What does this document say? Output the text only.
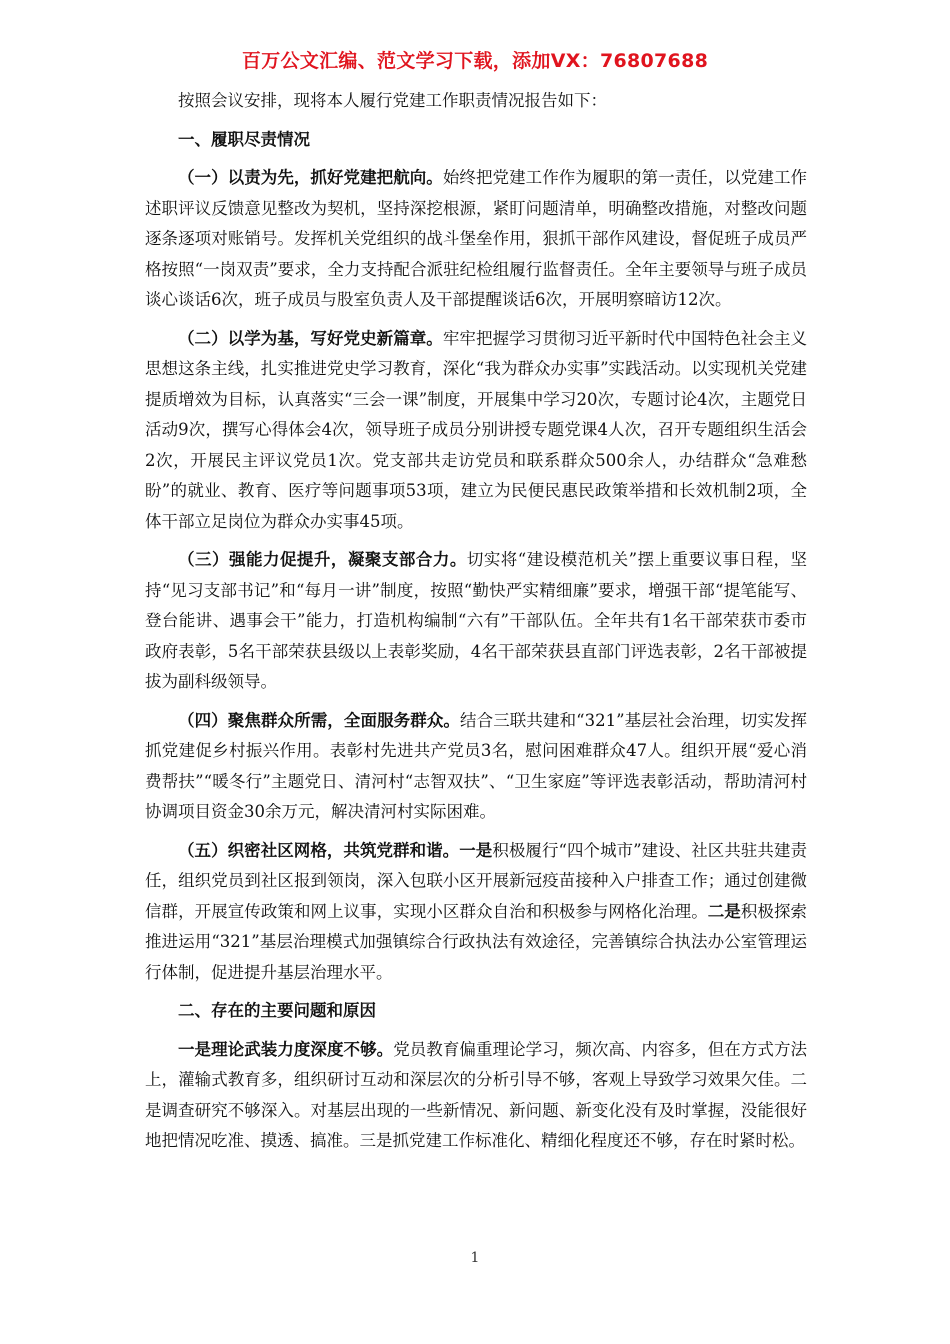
百万公文汇编、范文学习下载，添加VX：76807688

按照会议安排，现将本人履行党建工作职责情况报告如下：

一、履职尽责情况

（一）以责为先，抓好党建把航向。始终把党建工作作为履职的第一责任，以党建工作述职评议反馈意见整改为契机，坚持深挖根源，紧盯问题清单，明确整改措施，对整改问题逐条逐项对账销号。发挥机关党组织的战斗堡垒作用，狠抓干部作风建设，督促班子成员严格按照“一岗双责”要求，全力支持配合派驻纪检组履行监督责任。全年主要领导与班子成员谈心谈话6次，班子成员与股室负责人及干部提醒谈话6次，开展明察暗访12次。

（二）以学为基，写好党史新篇章。牢牢把握学习贯彻习近平新时代中国特色社会主义思想这条主线，扎实推进党史学习教育，深化“我为群众办实事”实践活动。以实现机关党建提质增效为目标，认真落实“三会一课”制度，开展集中学习20次，专题讨论4次，主题党日活动9次，撰写心得体会4次，领导班子成员分别讲授专题党课4人次，召开专题组织生活会2次，开展民主评议党员1次。党支部共走访党员和联系群众500余人，办结群众“急难愁盼”的就业、教育、医疗等问题事项53项，建立为民便民惠民政策举措和长效机制2项，全体干部立足岗位为群众办实事45项。

（三）强能力促提升，凝聚支部合力。切实将“建设模范机关”摆上重要议事日程，坚持“见习支部书记”和“每月一讲”制度，按照“勤快严实精细廉”要求，增强干部“提笔能写、登台能讲、遇事会干”能力，打造机构编制“六有”干部队伍。全年共有1名干部荣获市委市政府表彰，5名干部荣获县级以上表彰奖励，4名干部荣获县直部门评选表彰，2名干部被提拔为副科级领导。

（四）聚焦群众所需，全面服务群众。结合三联共建和“321”基层社会治理，切实发挥抓党建促乡村振兴作用。表彰村先进共产党员3名，慰问困难群众47人。组织开展“爱心消费帮扶”“暖冬行”主题党日、清河村“志智双扶”、“卫生家庭”等评选表彰活动，帮助清河村协调项目资金30余万元，解决清河村实际困难。

（五）织密社区网格，共筑党群和谐。一是积极履行“四个城市”建设、社区共驻共建责任，组织党员到社区报到领岗，深入包联小区开展新冠疫苗接种入户排查工作；通过创建微信群，开展宣传政策和网上议事，实现小区群众自治和积极参与网格化治理。二是积极探索推进运用“321”基层治理模式加强镇综合行政执法有效途径，完善镇综合执法办公室管理运行体制，促进提升基层治理水平。

二、存在的主要问题和原因

一是理论武装力度深度不够。党员教育偏重理论学习，频次高、内容多，但在方式方法上，灌输式教育多，组织研讨互动和深层次的分析引导不够，客观上导致学习效果欠佳。二是调查研究不够深入。对基层出现的一些新情况、新问题、新变化没有及时掌握，没能很好地把情况吃准、摸透、搞准。三是抓党建工作标准化、精细化程度还不够，存在时紧时松。

1
